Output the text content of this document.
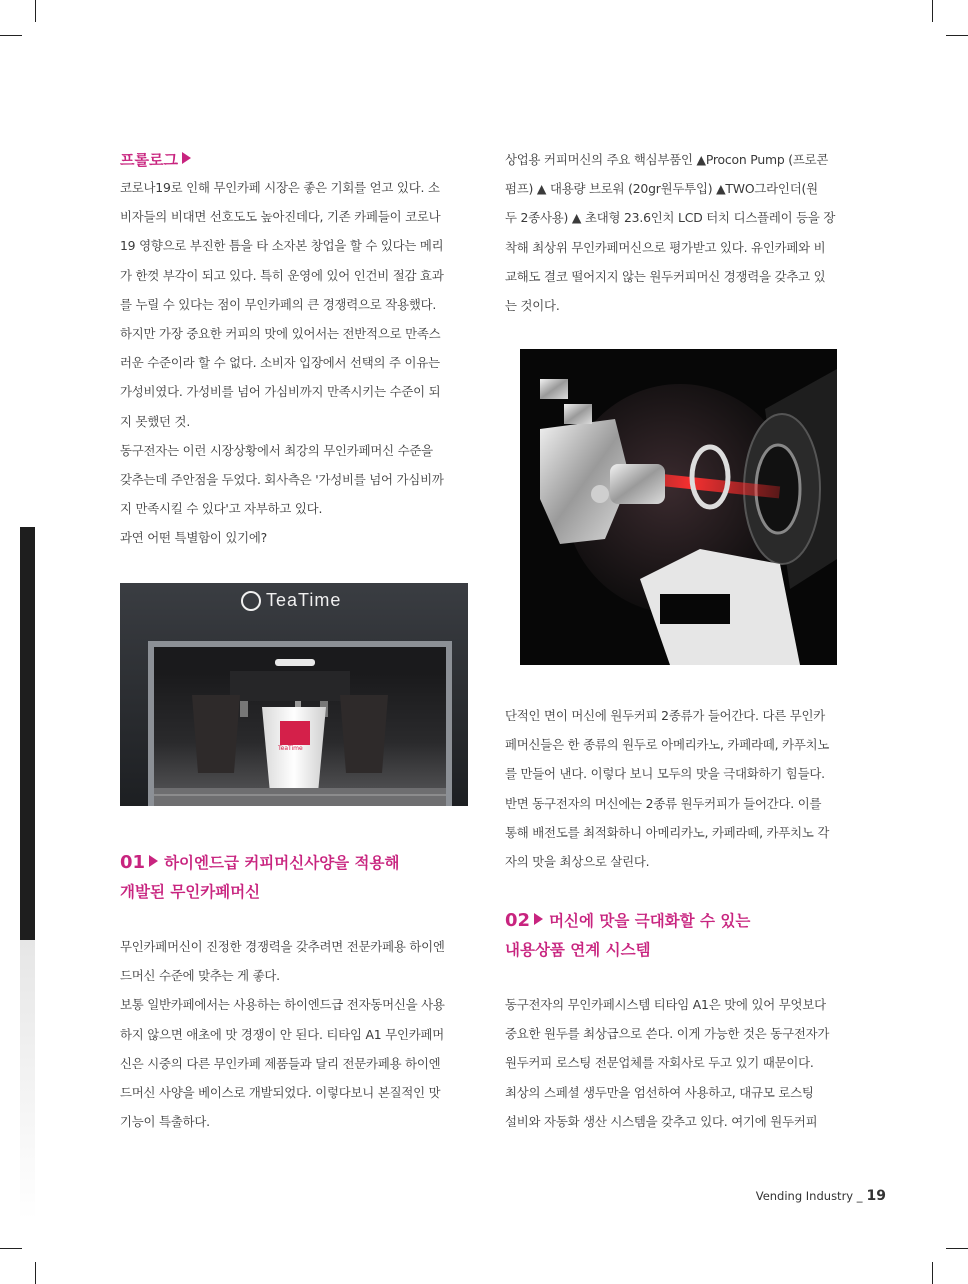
프롤로그

코로나19로 인해 무인카페 시장은 좋은 기회를 얻고 있다. 소

비자들의 비대면 선호도도 높아진데다, 기존 카페들이 코로나

19 영향으로 부진한 틈을 타 소자본 창업을 할 수 있다는 메리

가 한껏 부각이 되고 있다. 특히 운영에 있어 인건비 절감 효과

를 누릴 수 있다는 점이 무인카페의 큰 경쟁력으로 작용했다.

하지만 가장 중요한 커피의 맛에 있어서는 전반적으로 만족스

러운 수준이라 할 수 없다. 소비자 입장에서 선택의 주 이유는

가성비였다. 가성비를 넘어 가심비까지 만족시키는 수준이 되

지 못했던 것.

동구전자는 이런 시장상황에서 최강의 무인카페머신 수준을

갖추는데 주안점을 두었다. 회사측은 '가성비를 넘어 가심비까

지 만족시킬 수 있다'고 자부하고 있다.

과연 어떤 특별함이 있기에?

TeaTime
TeaTime

01 하이엔드급 커피머신사양을 적용해

개발된 무인카페머신

무인카페머신이 진정한 경쟁력을 갖추려면 전문카페용 하이엔

드머신 수준에 맞추는 게 좋다.

보통 일반카페에서는 사용하는 하이엔드급 전자동머신을 사용

하지 않으면 애초에 맛 경쟁이 안 된다. 티타임 A1 무인카페머

신은 시중의 다른 무인카페 제품들과 달리 전문카페용 하이엔

드머신 사양을 베이스로 개발되었다. 이렇다보니 본질적인 맛

기능이 특출하다.

상업용 커피머신의 주요 핵심부품인 ▲Procon Pump (프로콘

펌프) ▲ 대용량 브로워 (20gr원두투입) ▲TWO그라인더(원

두 2종사용) ▲ 초대형 23.6인치 LCD 터치 디스플레이 등을 장

착해 최상위 무인카페머신으로 평가받고 있다. 유인카페와 비

교해도 결코 떨어지지 않는 원두커피머신 경쟁력을 갖추고 있

는 것이다.

단적인 면이 머신에 원두커피 2종류가 들어간다. 다른 무인카

페머신들은 한 종류의 원두로 아메리카노, 카페라떼, 카푸치노

를 만들어 낸다. 이렇다 보니 모두의 맛을 극대화하기 힘들다.

반면 동구전자의 머신에는 2종류 원두커피가 들어간다. 이를

통해 배전도를 최적화하니 아메리카노, 카페라떼, 카푸치노 각

자의 맛을 최상으로 살린다.

02 머신에 맛을 극대화할 수 있는

내용상품 연계 시스템

동구전자의 무인카페시스템 티타임 A1은 맛에 있어 무엇보다

중요한 원두를 최상급으로 쓴다. 이게 가능한 것은 동구전자가

원두커피 로스팅 전문업체를 자회사로 두고 있기 때문이다.

최상의 스페셜 생두만을 엄선하여 사용하고, 대규모 로스팅

설비와 자동화 생산 시스템을 갖추고 있다. 여기에 원두커피

Vending Industry _ 19
